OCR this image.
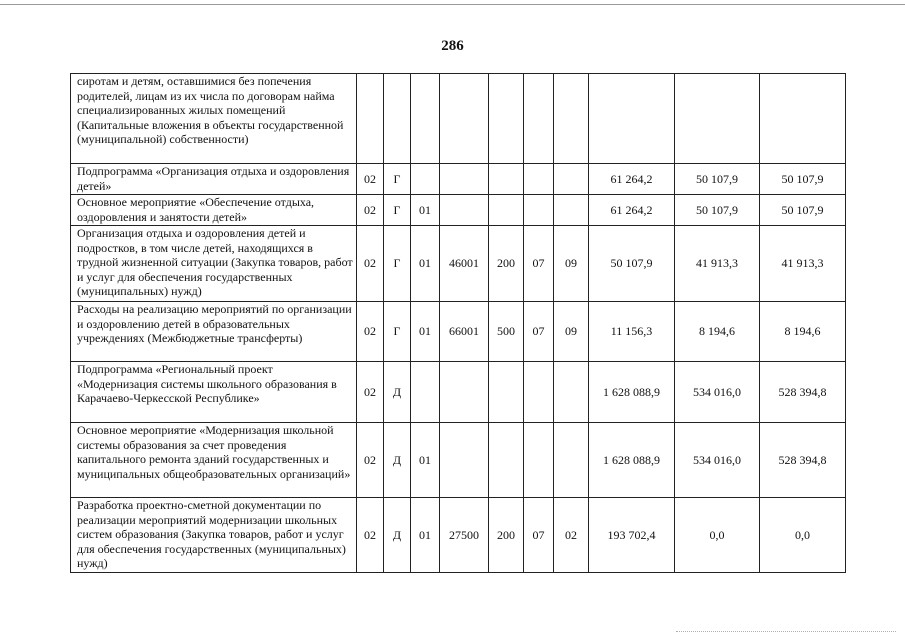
286
сиротам и детям, оставшимися без попечения родителей, лицам из их числа по договорам найма специализированных жилых помещений (Капитальные вложения в объекты государственной (муниципальной) собственности)										
Подпрограмма «Организация отдыха и оздоровления детей»	02	Г						61 264,2	50 107,9	50 107,9
Основное мероприятие «Обеспечение отдыха, оздоровления и занятости детей»	02	Г	01					61 264,2	50 107,9	50 107,9
Организация отдыха и оздоровления детей и подростков, в том числе детей, находящихся в трудной жизненной ситуации (Закупка товаров, работ и услуг для обеспечения государственных (муниципальных) нужд)	02	Г	01	46001	200	07	09	50 107,9	41 913,3	41 913,3
Расходы на реализацию мероприятий по организации и оздоровлению детей в образовательных учреждениях (Межбюджетные трансферты)	02	Г	01	66001	500	07	09	11 156,3	8 194,6	8 194,6
Подпрограмма «Региональный проект «Модернизация системы школьного образования в Карачаево-Черкесской Республике»	02	Д						1 628 088,9	534 016,0	528 394,8
Основное мероприятие «Модернизация школьной системы образования за счет проведения капитального ремонта зданий государственных и муниципальных общеобразовательных организаций»	02	Д	01					1 628 088,9	534 016,0	528 394,8
Разработка проектно-сметной документации по реализации мероприятий модернизации школьных систем образования (Закупка товаров, работ и услуг для обеспечения государственных (муниципальных) нужд)	02	Д	01	27500	200	07	02	193 702,4	0,0	0,0
